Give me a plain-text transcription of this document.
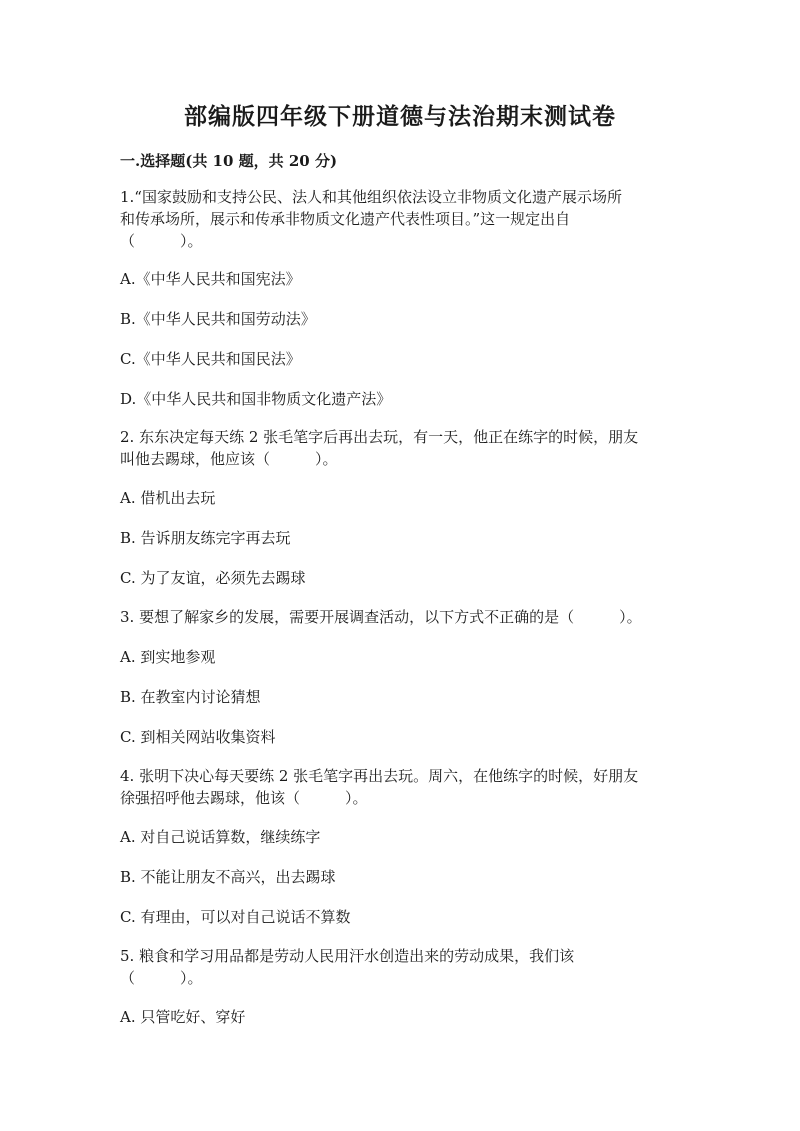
部编版四年级下册道德与法治期末测试卷
一.选择题(共 10 题，共 20 分)
1.“国家鼓励和支持公民、法人和其他组织依法设立非物质文化遗产展示场所
和传承场所，展示和传承非物质文化遗产代表性项目。”这一规定出自
（　　　）。
A.《中华人民共和国宪法》
B.《中华人民共和国劳动法》
C.《中华人民共和国民法》
D.《中华人民共和国非物质文化遗产法》
2. 东东决定每天练 2 张毛笔字后再出去玩，有一天，他正在练字的时候，朋友
叫他去踢球，他应该（　　　）。
A. 借机出去玩
B. 告诉朋友练完字再去玩
C. 为了友谊，必须先去踢球
3. 要想了解家乡的发展，需要开展调查活动，以下方式不正确的是（　　　）。
A. 到实地参观
B. 在教室内讨论猜想
C. 到相关网站收集资料
4. 张明下决心每天要练 2 张毛笔字再出去玩。周六，在他练字的时候，好朋友
徐强招呼他去踢球，他该（　　　）。
A. 对自己说话算数，继续练字
B. 不能让朋友不高兴，出去踢球
C. 有理由，可以对自己说话不算数
5. 粮食和学习用品都是劳动人民用汗水创造出来的劳动成果，我们该
（　　　）。
A. 只管吃好、穿好
